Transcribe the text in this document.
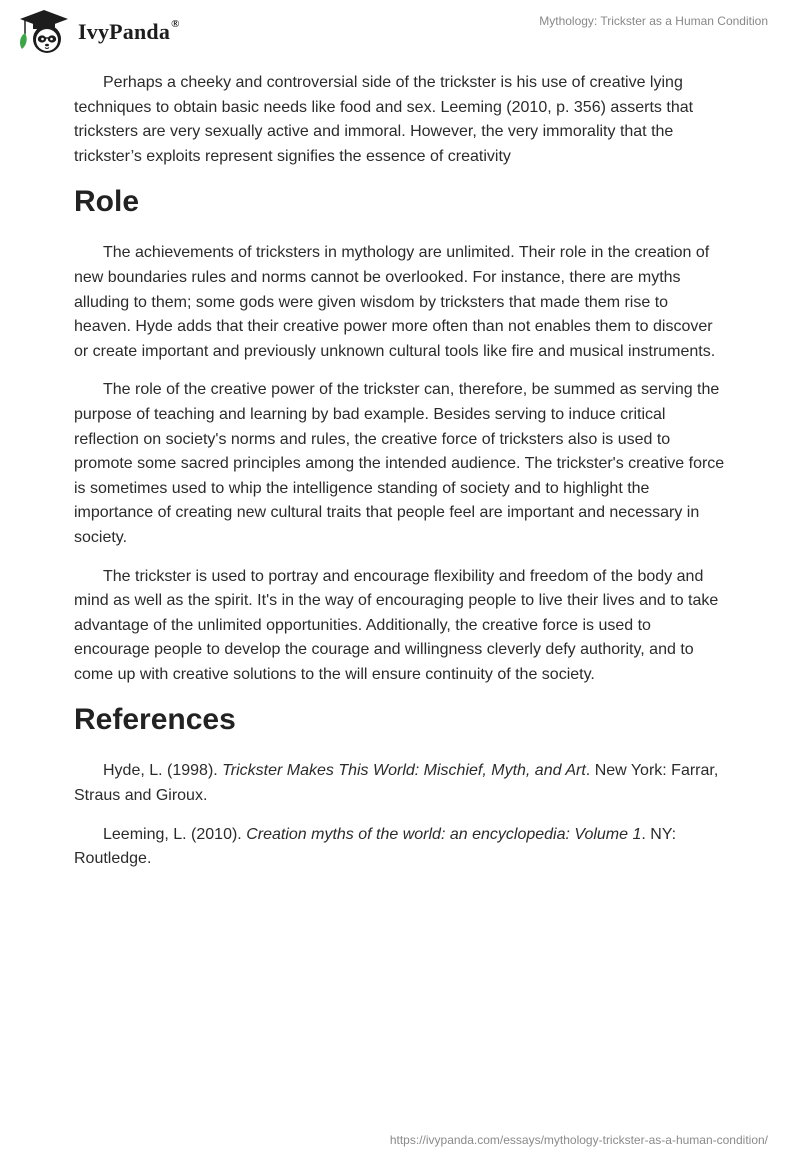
IvyPanda®	Mythology: Trickster as a Human Condition

Perhaps a cheeky and controversial side of the trickster is his use of creative lying techniques to obtain basic needs like food and sex. Leeming (2010, p. 356) asserts that tricksters are very sexually active and immoral. However, the very immorality that the trickster’s exploits represent signifies the essence of creativity

Role

The achievements of tricksters in mythology are unlimited. Their role in the creation of new boundaries rules and norms cannot be overlooked. For instance, there are myths alluding to them; some gods were given wisdom by tricksters that made them rise to heaven. Hyde adds that their creative power more often than not enables them to discover or create important and previously unknown cultural tools like fire and musical instruments.

The role of the creative power of the trickster can, therefore, be summed as serving the purpose of teaching and learning by bad example. Besides serving to induce critical reflection on society's norms and rules, the creative force of tricksters also is used to promote some sacred principles among the intended audience. The trickster's creative force is sometimes used to whip the intelligence standing of society and to highlight the importance of creating new cultural traits that people feel are important and necessary in society.

The trickster is used to portray and encourage flexibility and freedom of the body and mind as well as the spirit. It's in the way of encouraging people to live their lives and to take advantage of the unlimited opportunities. Additionally, the creative force is used to encourage people to develop the courage and willingness cleverly defy authority, and to come up with creative solutions to the will ensure continuity of the society.

References

Hyde, L. (1998). Trickster Makes This World: Mischief, Myth, and Art. New York: Farrar, Straus and Giroux.

Leeming, L. (2010). Creation myths of the world: an encyclopedia: Volume 1. NY: Routledge.

https://ivypanda.com/essays/mythology-trickster-as-a-human-condition/
